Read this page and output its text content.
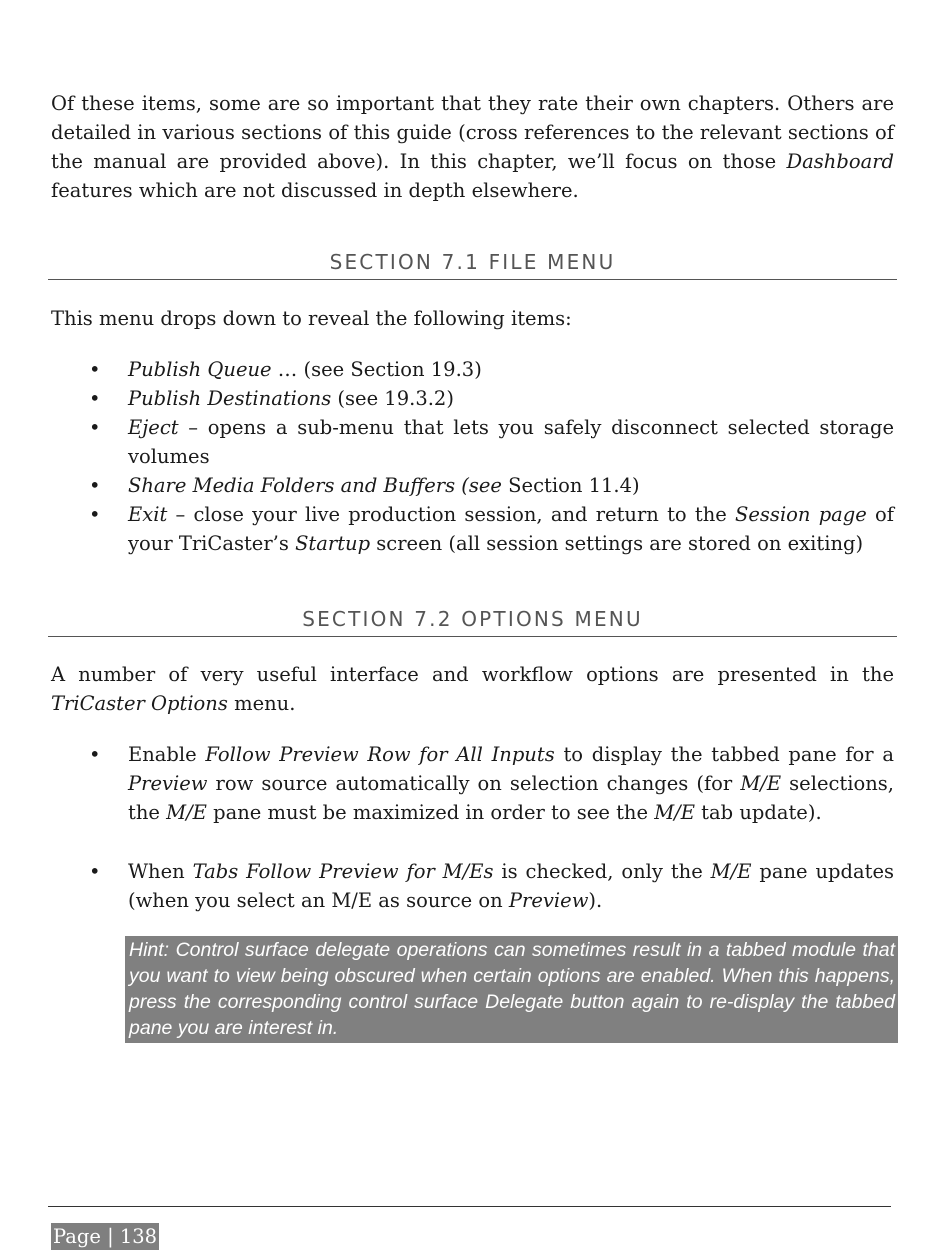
Of these items, some are so important that they rate their own chapters. Others are detailed in various sections of this guide (cross references to the relevant sections of the manual are provided above). In this chapter, we’ll focus on those Dashboard features which are not discussed in depth elsewhere.

SECTION 7.1 FILE MENU

This menu drops down to reveal the following items:

• Publish Queue … (see Section 19.3)
• Publish Destinations (see 19.3.2)
• Eject – opens a sub-menu that lets you safely disconnect selected storage volumes
• Share Media Folders and Buffers (see Section 11.4)
• Exit – close your live production session, and return to the Session page of your TriCaster’s Startup screen (all session settings are stored on exiting)
SECTION 7.2 OPTIONS MENU

A number of very useful interface and workflow options are presented in the TriCaster Options menu.

• Enable Follow Preview Row for All Inputs to display the tabbed pane for a Preview row source automatically on selection changes (for M/E selections, the M/E pane must be maximized in order to see the M/E tab update).
• When Tabs Follow Preview for M/Es is checked, only the M/E pane updates (when you select an M/E as source on Preview).
Hint: Control surface delegate operations can sometimes result in a tabbed module that you want to view being obscured when certain options are enabled. When this happens, press the corresponding control surface Delegate button again to re-display the tabbed pane you are interest in.
Page | 138
